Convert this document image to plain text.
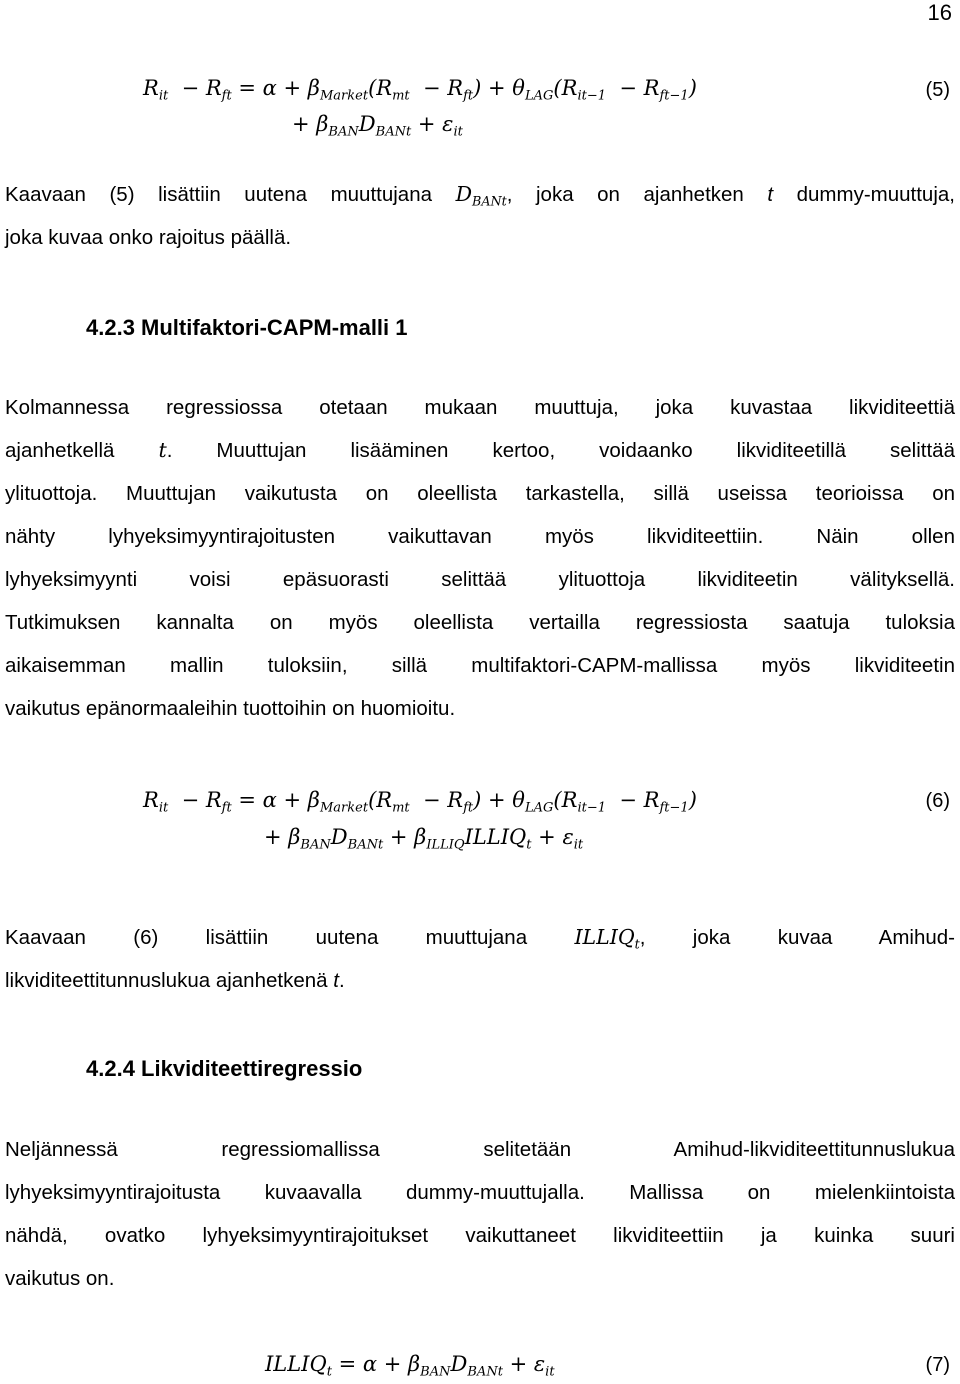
16
$R_{it} - R_{ft} = \alpha + \beta_{Market}(R_{mt} - R_{ft}) + \theta_{LAG}(R_{it-1} - R_{ft-1})$
+ $\beta_{BAN}D_{BANt} + \varepsilon_{it}$
(5)
Kaavaan (5) lisättiin uutena muuttujana $D_{BANt}$, joka on ajanhetken t dummy-muuttuja,
joka kuvaa onko rajoitus päällä.
4.2.3 Multifaktori-CAPM-malli 1
Kolmannessa regressiossa otetaan mukaan muuttuja, joka kuvastaa likviditeettiä
ajanhetkellä t. Muuttujan lisääminen kertoo, voidaanko likviditeetillä selittää
ylituottoja. Muuttujan vaikutusta on oleellista tarkastella, sillä useissa teorioissa on
nähty lyhyeksimyyntirajoitusten vaikuttavan myös likviditeettiin. Näin ollen
lyhyeksimyynti voisi epäsuorasti selittää ylituottoja likviditeetin välityksellä.
Tutkimuksen kannalta on myös oleellista vertailla regressiosta saatuja tuloksia
aikaisemman mallin tuloksiin, sillä multifaktori-CAPM-mallissa myös likviditeetin
vaikutus epänormaaleihin tuottoihin on huomioitu.
$R_{it} - R_{ft} = \alpha + \beta_{Market}(R_{mt} - R_{ft}) + \theta_{LAG}(R_{it-1} - R_{ft-1})$
+ $\beta_{BAN}D_{BANt}$ + $\beta_{ILLIQ}ILLIQ_t + \varepsilon_{it}$
(6)
Kaavaan (6) lisättiin uutena muuttujana $ILLIQ_t$, joka kuvaa Amihud-
likviditeettitunnuslukua ajanhetkenä t.
4.2.4 Likviditeettiregressio
Neljännessä regressiomallissa selitetään Amihud-likviditeettitunnuslukua
lyhyeksimyyntirajoitusta kuvaavalla dummy-muuttujalla. Mallissa on mielenkiintoista
nähdä, ovatko lyhyeksimyyntirajoitukset vaikuttaneet likviditeettiin ja kuinka suuri
vaikutus on.
$ILLIQ_t = \alpha + \beta_{BAN}D_{BANt} + \varepsilon_{it}$	(7)
